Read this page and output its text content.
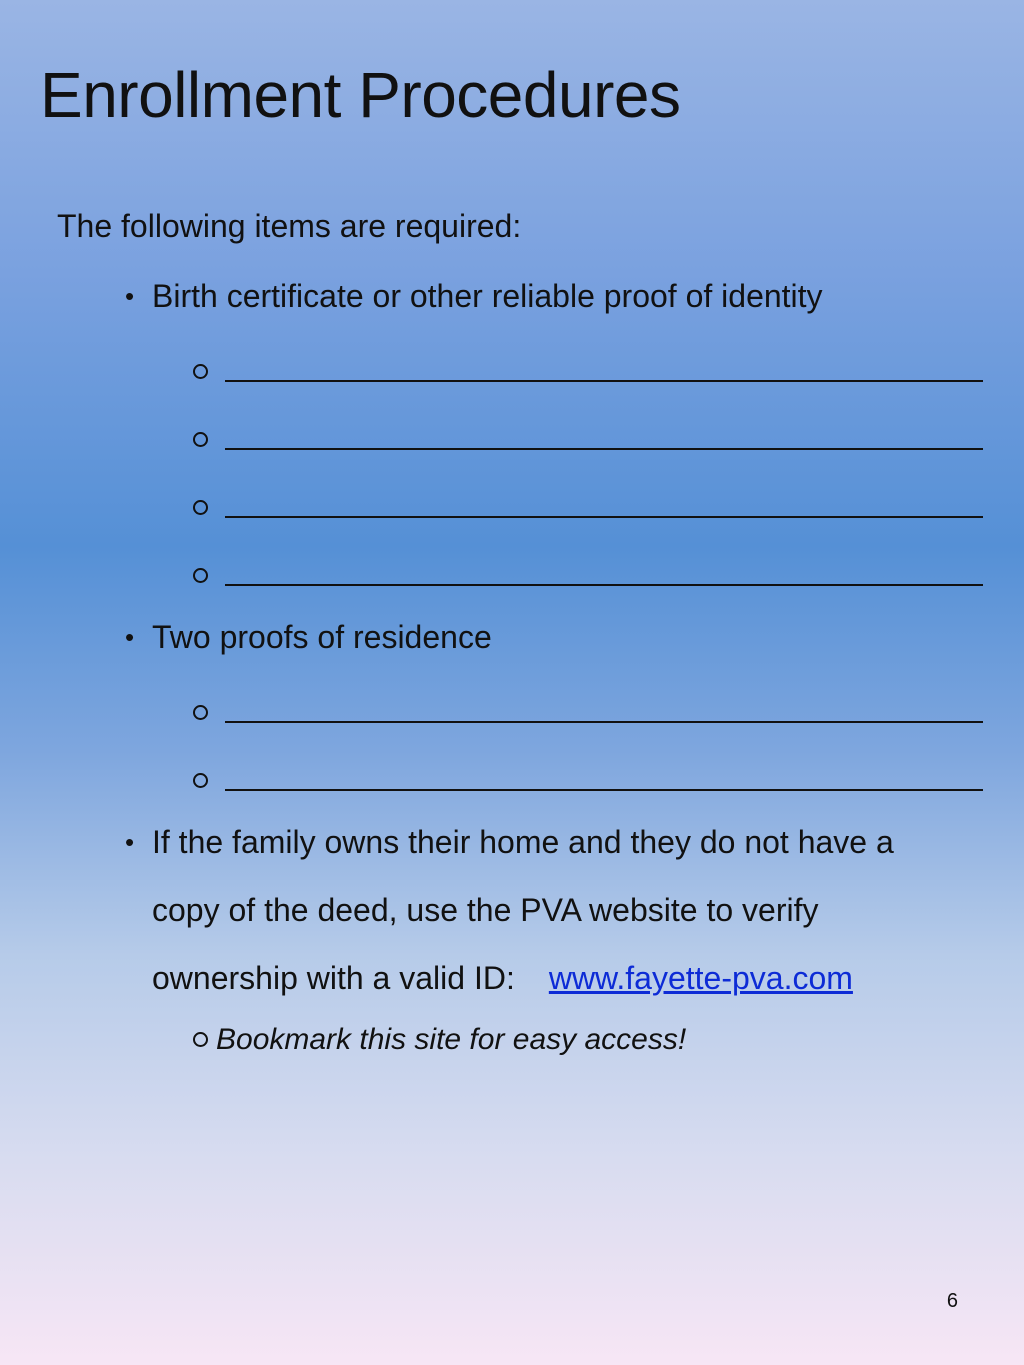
Enrollment Procedures
The following items are required:
• Birth certificate or other reliable proof of identity
• Two proofs of residence
• If the family owns their home and they do not have a
copy of the deed, use the PVA website to verify
ownership with a valid ID: www.fayette-pva.com
Bookmark this site for easy access!
6
